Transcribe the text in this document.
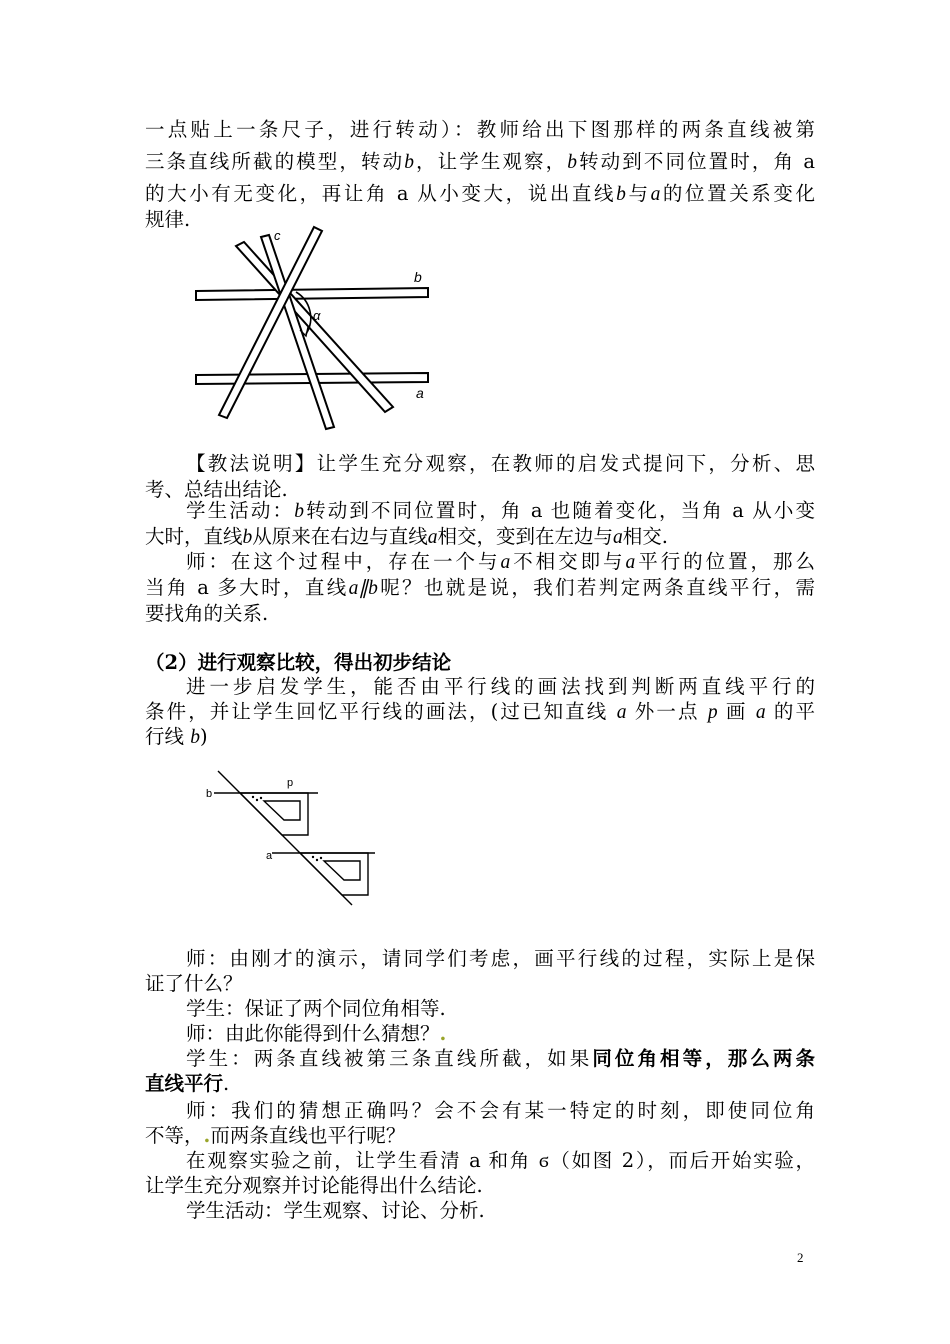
一点贴上一条尺子，进行转动）：教师给出下图那样的两条直线被第
三条直线所截的模型，转动b，让学生观察，b转动到不同位置时，角 a
的大小有无变化，再让角 a 从小变大，说出直线b与a的位置关系变化
规律.
c
b
α
a
【教法说明】让学生充分观察，在教师的启发式提问下，分析、思
考、总结出结论.
学生活动：b转动到不同位置时，角 a 也随着变化，当角 a 从小变
大时，直线b从原来在右边与直线a相交，变到在左边与a相交.
师：在这个过程中，存在一个与a不相交即与a平行的位置，那么
当角 a 多大时，直线a∥b呢？也就是说，我们若判定两条直线平行，需
要找角的关系.
（2）进行观察比较，得出初步结论
进一步启发学生，能否由平行线的画法找到判断两直线平行的
条件，并让学生回忆平行线的画法，(过已知直线 a 外一点 p 画 a 的平
行线 b)
p
b
a
师：由刚才的演示，请同学们考虑，画平行线的过程，实际上是保
证了什么？
学生：保证了两个同位角相等.
师：由此你能得到什么猜想？.
学生：两条直线被第三条直线所截，如果同位角相等，那么两条
直线平行.
师：我们的猜想正确吗？会不会有某一特定的时刻，即使同位角
不等，.而两条直线也平行呢？
在观察实验之前，让学生看清 a 和角 ϭ（如图 2），而后开始实验，
让学生充分观察并讨论能得出什么结论.
学生活动：学生观察、讨论、分析.
2
